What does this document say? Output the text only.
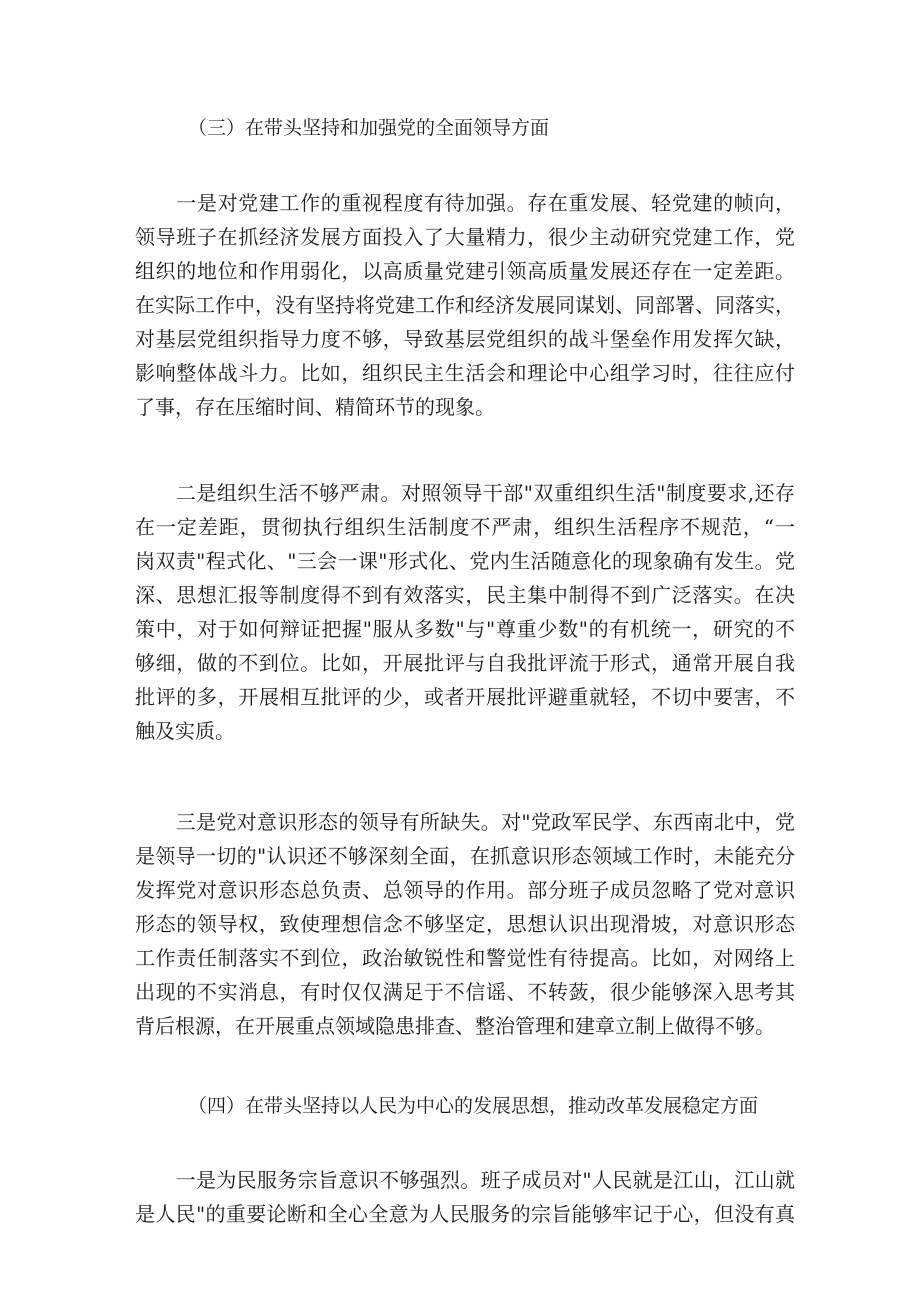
（三）在带头坚持和加强党的全面领导方面
　　一是对党建工作的重视程度有待加强。存在重发展、轻党建的帧向，
领导班子在抓经济发展方面投入了大量精力，很少主动研究党建工作，党
组织的地位和作用弱化，以高质量党建引领高质量发展还存在一定差距。
在实际工作中，没有坚持将党建工作和经济发展同谋划、同部署、同落实，
对基层党组织指导力度不够，导致基层党组织的战斗堡垒作用发挥欠缺，
影响整体战斗力。比如，组织民主生活会和理论中心组学习时，往往应付
了事，存在压缩时间、精简环节的现象。
　　二是组织生活不够严肃。对照领导干部"双重组织生活"制度要求,还存
在一定差距，贯彻执行组织生活制度不严肃，组织生活程序不规范，“一
岗双责"程式化、"三会一课"形式化、党内生活随意化的现象确有发生。党
深、思想汇报等制度得不到有效落实，民主集中制得不到广泛落实。在决
策中，对于如何辩证把握"服从多数"与"尊重少数"的有机统一，研究的不
够细，做的不到位。比如，开展批评与自我批评流于形式，通常开展自我
批评的多，开展相互批评的少，或者开展批评避重就轻，不切中要害，不
触及实质。
　　三是党对意识形态的领导有所缺失。对"党政军民学、东西南北中，党
是领导一切的"认识还不够深刻全面，在抓意识形态领域工作时，未能充分
发挥党对意识形态总负责、总领导的作用。部分班子成员忽略了党对意识
形态的领导权，致使理想信念不够坚定，思想认识出现滑坡，对意识形态
工作责任制落实不到位，政治敏锐性和警觉性有待提高。比如，对网络上
出现的不实消息，有时仅仅满足于不信谣、不转蔹，很少能够深入思考其
背后根源，在开展重点领域隐患排查、整治管理和建章立制上做得不够。
（四）在带头坚持以人民为中心的发展思想，推动改革发展稳定方面
　　一是为民服务宗旨意识不够强烈。班子成员对"人民就是江山，江山就
是人民"的重要论断和全心全意为人民服务的宗旨能够牢记于心，但没有真
